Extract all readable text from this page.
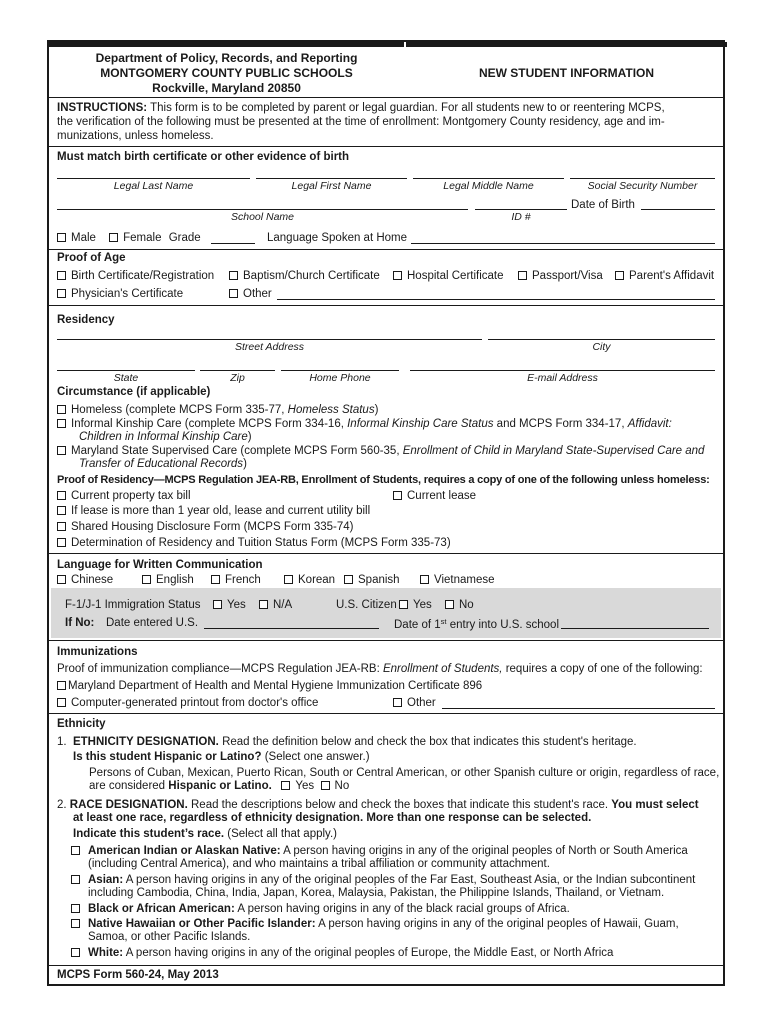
Department of Policy, Records, and Reporting
MONTGOMERY COUNTY PUBLIC SCHOOLS
Rockville, Maryland 20850
NEW STUDENT INFORMATION
INSTRUCTIONS: This form is to be completed by parent or legal guardian. For all students new to or reentering MCPS,
the verification of the following must be presented at the time of enrollment: Montgomery County residency, age and im-
munizations, unless homeless.
Must match birth certificate or other evidence of birth
Legal Last Name	Legal First Name	Legal Middle Name	Social Security Number
Date of Birth
School Name	ID #
Male Female Grade	Language Spoken at Home
Proof of Age
Birth Certificate/Registration	Baptism/Church Certificate	Hospital Certificate	Passport/Visa	Parent's Affidavit
Physician's Certificate	Other
Residency
Street Address	City
State	Zip	Home Phone	E-mail Address
Circumstance (if applicable)
Homeless (complete MCPS Form 335-77, Homeless Status)
Informal Kinship Care (complete MCPS Form 334-16, Informal Kinship Care Status and MCPS Form 334-17, Affidavit:
Children in Informal Kinship Care)
Maryland State Supervised Care (complete MCPS Form 560-35, Enrollment of Child in Maryland State-Supervised Care and
Transfer of Educational Records)
Proof of Residency—MCPS Regulation JEA-RB, Enrollment of Students, requires a copy of one of the following unless homeless:
Current property tax bill	Current lease
If lease is more than 1 year old, lease and current utility bill
Shared Housing Disclosure Form (MCPS Form 335-74)
Determination of Residency and Tuition Status Form (MCPS Form 335-73)
Language for Written Communication
Chinese	English	French	Korean	Spanish	Vietnamese
F-1/J-1 Immigration Status	Yes	N/A	U.S. Citizen	Yes	No
If No: Date entered U.S.	Date of 1st entry into U.S. school
Immunizations
Proof of immunization compliance—MCPS Regulation JEA-RB: Enrollment of Students, requires a copy of one of the following:
Maryland Department of Health and Mental Hygiene Immunization Certificate 896
Computer-generated printout from doctor's office	Other
Ethnicity
1. ETHNICITY DESIGNATION. Read the definition below and check the box that indicates this student's heritage.
Is this student Hispanic or Latino? (Select one answer.)
Persons of Cuban, Mexican, Puerto Rican, South or Central American, or other Spanish culture or origin, regardless of race,
are considered Hispanic or Latino. Yes No
2. RACE DESIGNATION. Read the descriptions below and check the boxes that indicate this student's race. You must select
at least one race, regardless of ethnicity designation. More than one response can be selected.
Indicate this student’s race. (Select all that apply.)
American Indian or Alaskan Native: A person having origins in any of the original peoples of North or South America
(including Central America), and who maintains a tribal affiliation or community attachment.
Asian: A person having origins in any of the original peoples of the Far East, Southeast Asia, or the Indian subcontinent
including Cambodia, China, India, Japan, Korea, Malaysia, Pakistan, the Philippine Islands, Thailand, or Vietnam.
Black or African American: A person having origins in any of the black racial groups of Africa.
Native Hawaiian or Other Pacific Islander: A person having origins in any of the original peoples of Hawaii, Guam,
Samoa, or other Pacific Islands.
White: A person having origins in any of the original peoples of Europe, the Middle East, or North Africa
MCPS Form 560-24, May 2013
